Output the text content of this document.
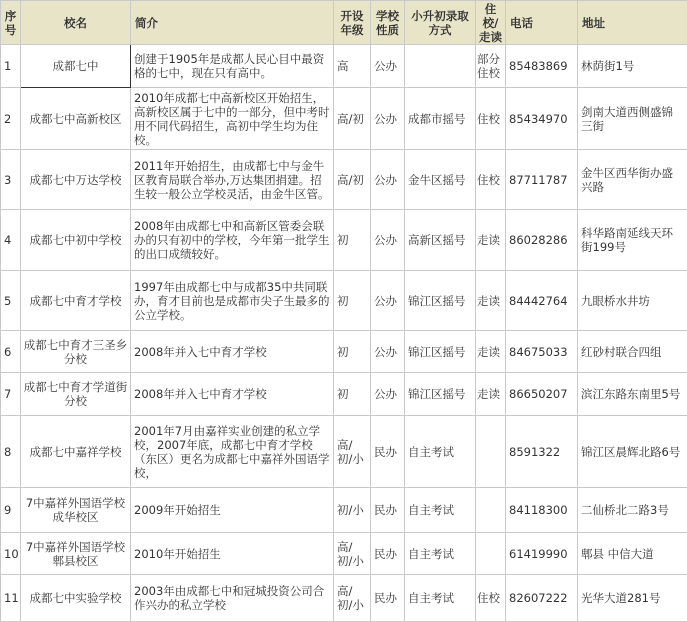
序号	校名	简介	开设年级	学校性质	小升初录取方式	住校/走读	电话	地址
1	成都七中	创建于1905年是成都人民心目中最资格的七中，现在只有高中。	高	公办		部分住校	85483869	林荫街1号
2	成都七中高新校区	2010年成都七中高新校区开始招生，高新校区属于七中的一部分，但中考时用不同代码招生，高初中学生均为住校。	高/初	公办	成都市摇号	住校	85434970	剑南大道西侧盛锦三街
3	成都七中万达学校	2011年开始招生，由成都七中与金牛区教育局联合举办,万达集团捐建。招生较一般公立学校灵活，由金牛区管。	高/初	公办	金牛区摇号	住校	87711787	金牛区西华街办盛兴路
4	成都七中初中学校	2008年由成都七中和高新区管委会联办的只有初中的学校，今年第一批学生的出口成绩较好。	初	公办	高新区摇号	走读	86028286	科华路南延线天环街199号
5	成都七中育才学校	1997年由成都七中与成都35中共同联办，育才目前也是成都市尖子生最多的公立学校。	初	公办	锦江区摇号	走读	84442764	九眼桥水井坊
6	成都七中育才三圣乡分校	2008年并入七中育才学校	初	公办	锦江区摇号	走读	84675033	红砂村联合四组
7	成都七中育才学道街分校	2008年并入七中育才学校	初	公办	锦江区摇号	走读	86650207	滨江东路东南里5号
8	成都七中嘉祥学校	2001年7月由嘉祥实业创建的私立学校，2007年底，成都七中育才学校（东区）更名为成都七中嘉祥外国语学校，	高/初/小	民办	自主考试		8591322	锦江区晨辉北路6号
9	7中嘉祥外国语学校成华校区	2009年开始招生	初/小	民办	自主考试		84118300	二仙桥北二路3号
10	7中嘉祥外国语学校郫县校区	2010年开始招生	高/初/小	民办	自主考试		61419990	郫县 中信大道
11	成都七中实验学校	2003年由成都七中和冠城投资公司合作兴办的私立学校	高/初/小	民办	自主考试	住校	82607222	光华大道281号
